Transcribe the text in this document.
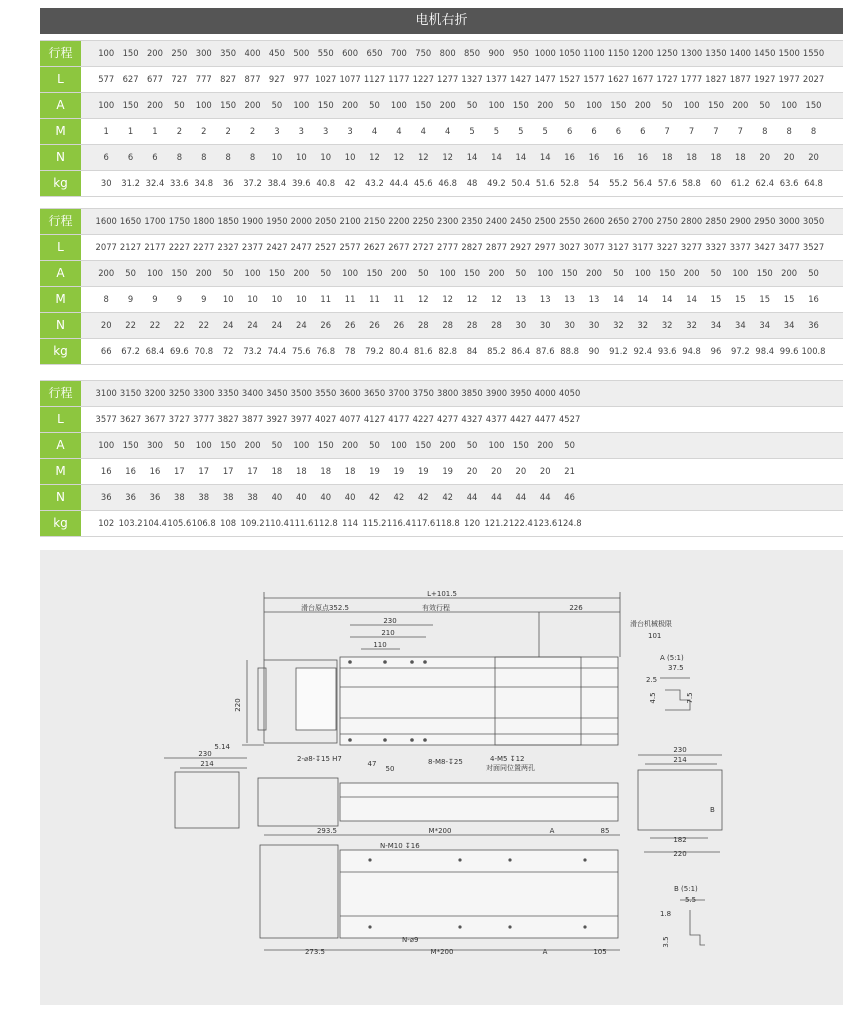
电机右折
行程	100 150 200 250 300 350 400 450 500 550 600 650 700 750 800 850 900 950 1000 1050 1100 1150 1200 1250 1300 1350 1400 1450 1500 1550
L	577 627 677 727 777 827 877 927 977 1027 1077 1127 1177 1227 1277 1327 1377 1427 1477 1527 1577 1627 1677 1727 1777 1827 1877 1927 1977 2027
A	100 150 200	50	100 150 200	50	100 150 200	50	100 150 200	50	100 150 200	50	100 150 200	50	100 150 200	50	100 150
M	1	1	1	2	2	2	2	3	3	3	3	4	4	4	4	5	5	5	5	6	6	6	6	7	7	7	7	8	8	8
N	6	6	6	8	8	8	8	10	10	10	10	12	12	12	12	14	14	14	14	16	16	16	16	18	18	18	18	20	20	20
kg	30	31.2 32.4 33.6 34.8	36	37.2 38.4 39.6 40.8	42	43.2 44.4 45.6 46.8	48	49.2 50.4 51.6 52.8	54	55.2 56.4 57.6 58.8	60	61.2 62.4 63.6 64.8
行程	1600 1650 1700 1750 1800 1850 1900 1950 2000 2050 2100 2150 2200 2250 2300 2350 2400 2450 2500 2550 2600 2650 2700 2750 2800 2850 2900 2950 3000 3050
L	2077 2127 2177 2227 2277 2327 2377 2427 2477 2527 2577 2627 2677 2727 2777 2827 2877 2927 2977 3027 3077 3127 3177 3227 3277 3327 3377 3427 3477 3527
A	200	50	100 150 200	50	100 150 200	50	100 150 200	50	100 150 200	50	100 150 200	50	100 150 200	50	100 150 200	50
M	8	9	9	9	9	10	10	10	10	11	11	11	11	12	12	12	12	13	13	13	13	14	14	14	14	15	15	15	15	16
N	20	22	22	22	22	24	24	24	24	26	26	26	26	28	28	28	28	30	30	30	30	32	32	32	32	34	34	34	34	36
kg	66	67.2 68.4 69.6 70.8	72	73.2 74.4 75.6 76.8	78	79.2 80.4 81.6 82.8	84	85.2 86.4 87.6 88.8	90	91.2 92.4 93.6 94.8	96	97.2 98.4 99.6 100.8
行程	3100 3150 3200 3250 3300 3350 3400 3450 3500 3550 3600 3650 3700 3750 3800 3850 3900 3950 4000 4050
L	3577 3627 3677 3727 3777 3827 3877 3927 3977 4027 4077 4127 4177 4227 4277 4327 4377 4427 4477 4527
A	100 150 300	50	100 150 200	50	100 150 200	50	100 150 200	50	100 150 200	50
M	16	16	16	17	17	17	17	18	18	18	18	19	19	19	19	20	20	20	20	21
N	36	36	36	38	38	38	38	40	40	40	40	42	42	42	42	44	44	44	44	46
kg	102 103.2 104.4 105.6 106.8 108 109.2 110.4 111.6 112.8 114 115.2 116.4 117.6 118.8 120 121.2 122.4 123.6 124.8
L+101.5
滑台原点352.5	有效行程	226
230
210
110
滑台机械极限
101
220
5.14
2-⌀8-↧15 H7	8-M8-↧25	4-M5 ↧12
对面同位置两孔
47
50
230
214
293.5	M*200	A	85
N-M10 ↧16
N-⌀9
273.5	M*200	A	105
A (5:1)
37.5
2.5
4.5	7.5
230
214
182
220
B
B (5:1)
5.5
1.8
3.5
